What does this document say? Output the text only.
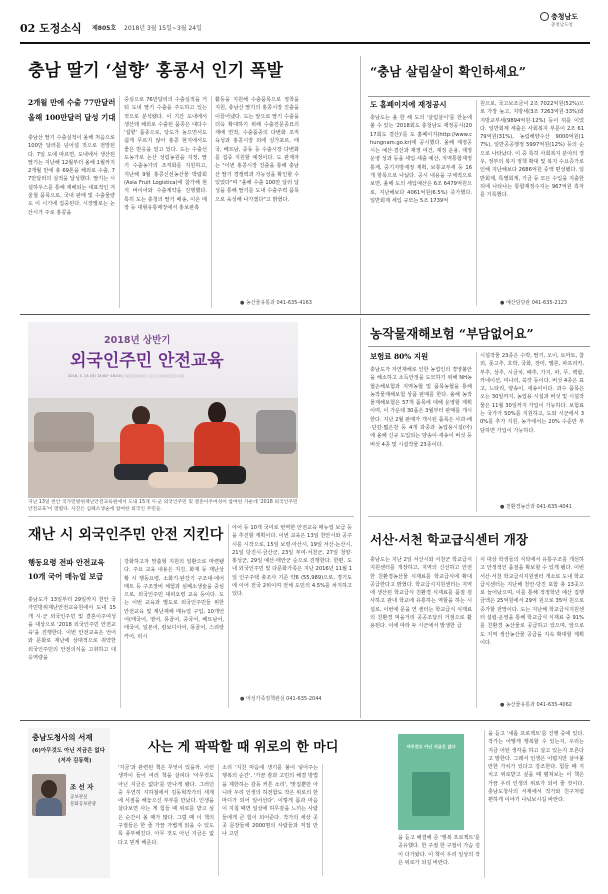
02 도정소식 제805호 2018년 3월 15일~3월 24일
충청남도
충청남도청
충남 딸기 ‘설향’ 홍콩서 인기 폭발
2개월 만에 수출 77만달러
올해 100만달러 달성 기대
충남산 딸기 수출실적이 올해 처음으로 100만 달러를 넘어설 것으로 전망된다. 7일 도에 따르면, 도내에서 생산된 딸기는 지난해 12월부터 올해 1월까지 2개월 만에 총 69톤을 해외로 수출, 77만달러의 실적을 달성했다. 딸기는 시설하우스를 통해 재배되는 대표적인 겨울철 품목으로, 국내 판매 및 수출물량도 이 시기에 집중된다. 시장별로는 논산시가 주로 홍콩을
중심으로 76만달러의 수출실적을 거둬 도내 딸기 수출을 주도하고 있는 것으로 분석됐다. 이 기간 도내에서 생산돼 해외로 수출된 품종은 대다수 '설향' 품종으로, 당도가 높으면서도 쉽게 무르지 않아 홍콩 현지에서도 좋은 반응을 얻고 있다. 도는 수출선도농가로 논산 성림농원을 지정, 딸기 수출농가의 조직화를 지원하고, 지난해 9월 홍콩신선농산물 박람회(Asia Fruit Logistica)에 참가해 현지 바이어와 수출계약을 진행했다. 특히 도는 충청의 딸기 배송, 이온 매장 등 대형유통매장에서 홍보판촉
활동을 지원해 수출품목으로 정착을 지원, 충남산 딸기의 홍콩시장 진출을 이끌어냈다. 도는 앞으로 딸기 수출을 더욱 확대하기 위해 수출전문종묘의 재배 면적, 수출품종의 다변화 조직 육성과 홍콩시장 외에 싱가포르, 태국, 베트남, 중동 등 수출시장 다변화를 집중 지원할 예정이다. 도 관계자는 "이번 홍콩시장 진출을 통해 충남산 딸기 경쟁력과 가능성을 확인할 수 있었다"며 "올해 수출 100만 달러 달성을 통해 딸기를 도내 수출주력 품목으로 육성해 나가겠다"고 밝혔다.
● 농산물유통과 041-635-4163
“충남 살림살이 확인하세요”
도 홈페이지에 재정공시
충남도는 올 한 해 도의 '살림살이'를 한눈에 볼 수 있는 '2018회도 충청남도 재정공시(2017회도 결산)'를 도 홈페이지(http://www.chungnam.go.kr)에 공시했다. 올해 재정공시는 예산·결산과 재정 여건, 재정 운용, 재정 운영 성과 등을 세입·세출 예산, 지역통합재정 통계, 중기지방재정 계획, 보통교부세 등 16개 항목으로 나눴다. 공시 내용을 구체적으로 보면, 올해 도의 세입예산은 6조 6479억원으로, 지난해보다 4061억원(6.5%) 증가했다. 일반회계 세입 규모는 5조 1739억
원으로, 국고보조금이 2조 7022억원(52%)으로 가장 높고, 지방세(3조 7263억원·33%)와 지방교부세(9894억원·12%) 등이 뒤를 이었다. 일반회계 세출은 사회복지 부문이 2조 6179억원(31%), 농림해양수산 9000억원(17%), 일반공공행정 5997억원(12%) 등의 순으로 나타났다. 이 중 특히 사회복지 분야의 경우, 정부의 복지 정책 확대 및 복지 수요증가로 인해 지난해보다 2686억원 증액 편성됐다. 일반회계, 특별회계, 기금 등 모든 수입을 지출한 뒤에 나타나는 통합재정수지는 967억원 흑자를 기록했다.
● 예산담당관 041-635-2123
2018년 상반기
외국인주민 안전교육
2018. 3. 13.(화) 14:00~16:00 | ○○○○○○○ ○○ ○○○○○○○ ○○
지난 13일 천안 국가민방위재난안전교육원에서 도내 15개 시·군 외국인주민 및 결혼이주여성이 참여한 가운데 '2018 외국인주민 안전교육'이 열렸다. 사진은 심폐소생술에 참여한 외국인 주민들.
농작물재해보험 “부담없어요”
보험료 80% 지원
충남도가 자연재해로 인한 농업인의 경영불안을 해소하고 소득안정을 도모하기 위해 NH농협손해보험과 지역농협 및 품목농협을 통해 농작물재해보험 상품 판매를 한다. 올해 농작물재해보험은 57개 품목에 대해 운영할 계획이며, 이 가운데 30품은 3월부터 판매를 개시한다. 지난 2월 판매가 개시된 품목은 사과·배·단감·떫은감 등 4개 과종과 농업용시설(아)에 올해 신규 도입되는 양송이·새송이 버섯 등 버섯 4종 및 시설작물 23종이다.
시설작물 23종은 수박, 딸기, 오이, 토마토, 참외, 풋고추, 호박, 국화, 장미, 멜론, 파프리카, 부추, 상추, 시금치, 배추, 가지, 파, 무, 백합, 카네이션, 미나리, 쑥갓 등이다. 버섯 4종은 표고, 느타리, 양송이, 새송이이다. 과수 품목은 오는 30일까지, 농업용 시설과 버섯 및 시설작물은 11월 30일까지 가입이 가능하다. 보험료는 국가가 50%를 지원하고, 도와 시군에서 30%를 추가 지원, 농가에서는 20% 수준만 부담하면 가입이 가능하다.
● 친환경농산과 041-635-4041
재난 시 외국인주민 안전 지킨다
행동요령 전파 안전교육
10개 국어 매뉴얼 보급
충남도가 13일부터 29일까지 천안 국가민방위재난안전교육원에서 도내 15개 시·군 외국인주민 및 결혼이주여성을 대상으로 '2018 외국인주민 안전교육'을 진행한다. 이번 안전교육은 언어와 문화로 재난에 상대적으로 취약한 외국인주민의 안전의식을 고취하고 대응역량을
강화하고자 맞춤형 지원의 일환으로 마련됐다. 주요 교육 내용은 지진, 화재 등 재난상황 시 행동요령, 소화기·완강기 구조대·에어매트 등 구조장비 체험과 심폐소생술을 중심으로, 외국인주민 대피요령 교육 등이다. 도는 이번 교육과 별도로 외국인주민들 위한 안전교육 및 재난재해 매뉴얼 구입, 10개언어(태국어, 영어, 몽골어, 중국어, 베트남어, 태국어, 일본어, 캄보디아어, 몽골어, 스리랑카어, 러시
아어 등 10개 국어로 번역한 안전교육 매뉴얼 보급 등을 추진할 계획이다. 이번 교육은 13일 천안시와 공주시를 시작으로, 15일 보령·아산시, 19일 서산·논산시, 21일 당진시·금산군, 23일 부여·서천군, 27일 청양·홍성군, 29일 예산·태안군 순으로 진행한다. 한편, 도내 외국인주민 및 다문화가족은 지난 2016년 11월 1일 인구주택 총조사 기준 약6 (55,989)으로, 경기도에 이어 전국 2위이며 전체 도민의 4.5%를 차지하고 있다.
● 여성가족정책관실 041-635-2044
서산·서천 학교급식센터 개장
충남도는 지난 2일 서산시와 서천군 학교급식지원센터를 개장하고, 지역의 신선하고 안전한 친환경농산물 식재료를 학교급식에 확대 공급한다고 밝혔다. 학교급식지원센터는 지역에 생산된 학교급식 친환경 식재료를 품질 검사하고 관내 학교에 유통하는 역할을 하는 시설로, 이번에 문을 연 센터는 학교급식 식재료의 친환경 먹을거리 공공조달의 거점으로 활용된다. 이에 따라 두 시군에서 발생한 급
식 대상 학생들의 식탁에서 유통구조를 개선하고 안정적인 품질을 확보할 수 있게 됐다. 이번 서산·서천 학교급식지원센터 개소로 도내 학교급식센터는 지난해 천안·당진 포함 총 13곳으로 늘어났으며, 이를 통해 적정학년 예산 집행 금액은 25억원에서 29억 원으로 35억 원으로 증가할 전망이다. 도는 지난해 학교급식지원센터 설립·운영을 통해 학교급식 식재료 중 91%를 친환경 농산물로 공급하고 있으며, 앞으로도 지역 생산농산물 공급을 지속 확대할 계획이다.
● 농산물유통과 041-635-4062
충남도청사의 서재
(6)아무것도 아닌 지금은 없다
(저자 김동혁)
조 선 자
공보관실
문화공보관광
사는 게 팍팍할 때 위로의 한 마디
'지금'과 관련된 책은 무엇이 있을까. 이런 생각이 들어 여러 책을 살피다 '아무것도 아닌 지금은 없다'를 만나게 됐다. 그러던 중 우연히 지하철에서 김동혁작가의 세계에 서점을 해놓으신 부부를 만났다. 인생을 살다보면 사는 게 힘들 때 위로를 받고 싶은 순간이 올 때가 많다. 그럴 때 이 책의 구절들은 한 줄 가끔 가볍게 읽을 수 있도록 풍부해진다. 아무 것도 아닌 지금은 없다고 믿게 해준다.
소리 '지친 마음에 생기를 불어 넣어주는 행복의 순간', '가끔 잠과 고민의 해결 방법을 제한하는 감동 커튼 소리', '맞집뿐만 아니라 우리 인생의 허전함도 작은 위로의 한 마디가 되어 일어선다'. 이렇게 몸과 마음이 지칠 때면 일상에 허무감을 느끼는 사람들에게 큰 힘이 되어준다. 작가의 세상 곳곳 문장들에 2000명의 사람들과 직접 만나 고민
아무것도 아닌 지금은 없다
을 듣고 해결해 준 '행복 프로젝트'를 공유했다. 한 구절 한 구절이 가슴 깊이 다가왔다. 이 책이 우리 일상의 작은 위로가 되길 바란다.
을 듣고 '새롭 프로젝트'를 진행 중에 있다. 작가는 어떻게 행복할 수 있는지, 우리는 지금 어떤 생각을 하고 살고 있는지 모른다고 말한다. 그래서 인생은 어렵지만 살아볼 만한 가치가 있다고 강조한다. 힘들 때 지치고 위로받고 싶을 때 펼쳐보는 이 책은 가끔 우리 인생의 위로가 되어 줄 것이다. 충남도청사의 서재에서 작가와 친구처럼 편하게 이야기 나눠보시길 바란다.
